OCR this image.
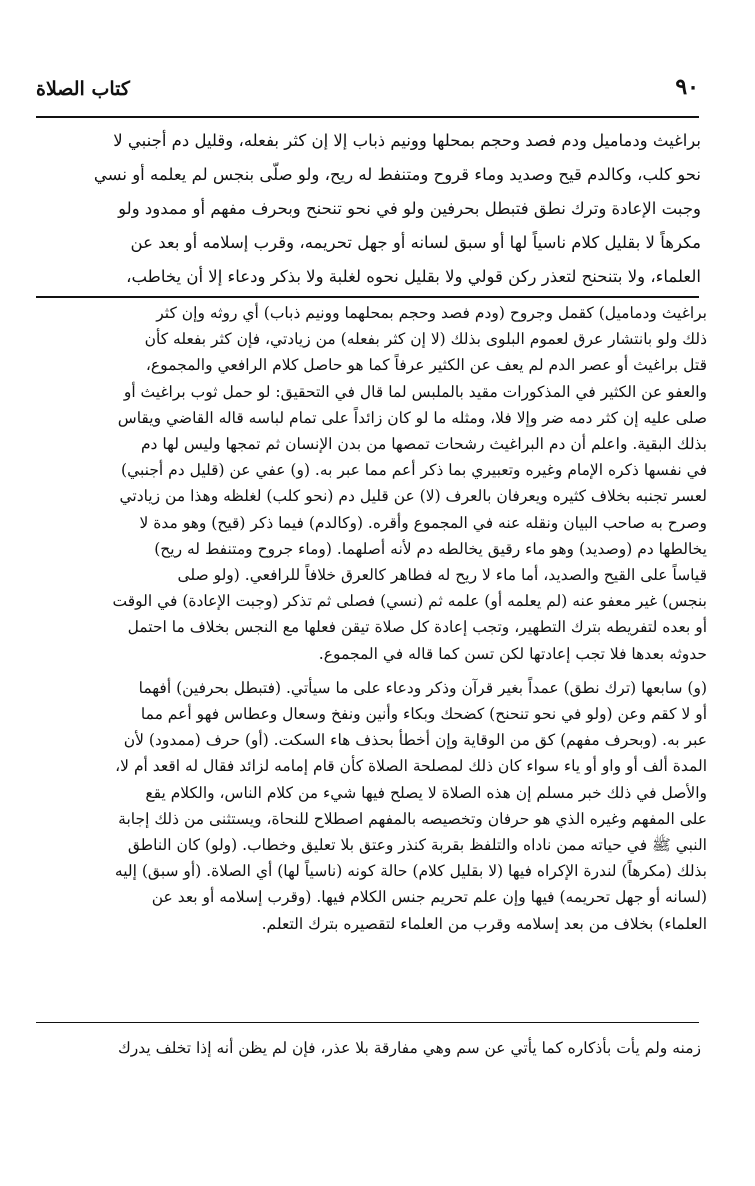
٩٠
كتاب الصلاة
براغيث ودماميل ودم فصد وحجم بمحلها وونيم ذباب إلا إن كثر بفعله، وقليل دم أجنبي لا
نحو كلب، وكالدم قيح وصديد وماء قروح ومتنفط له ريح، ولو صلّى بنجس لم يعلمه أو نسي
وجبت الإعادة وترك نطق فتبطل بحرفين ولو في نحو تنحنح وبحرف مفهم أو ممدود ولو
مكرهاً لا بقليل كلام ناسياً لها أو سبق لسانه أو جهل تحريمه، وقرب إسلامه أو بعد عن
العلماء، ولا بتنحنح لتعذر ركن قولي ولا بقليل نحوه لغلبة ولا بذكر ودعاء إلا أن يخاطب،
براغيث ودماميل) كقمل وجروح (ودم فصد وحجم بمحلهما وونيم ذباب) أي روثه وإن كثر
ذلك ولو بانتشار عرق لعموم البلوى بذلك (لا إن كثر بفعله) من زيادتي، فإن كثر بفعله كأن
قتل براغيث أو عصر الدم لم يعف عن الكثير عرفاً كما هو حاصل كلام الرافعي والمجموع،
والعفو عن الكثير في المذكورات مقيد بالملبس لما قال في التحقيق: لو حمل ثوب براغيث أو
صلى عليه إن كثر دمه ضر وإلا فلا، ومثله ما لو كان زائداً على تمام لباسه قاله القاضي ويقاس
بذلك البقية. واعلم أن دم البراغيث رشحات تمصها من بدن الإنسان ثم تمجها وليس لها دم
في نفسها ذكره الإمام وغيره وتعبيري بما ذكر أعم مما عبر به. (و) عفي عن (قليل دم أجنبي)
لعسر تجنبه بخلاف كثيره ويعرفان بالعرف (لا) عن قليل دم (نحو كلب) لغلظه وهذا من زيادتي
وصرح به صاحب البيان ونقله عنه في المجموع وأقره. (وكالدم) فيما ذكر (قيح) وهو مدة لا
يخالطها دم (وصديد) وهو ماء رقيق يخالطه دم لأنه أصلهما. (وماء جروح ومتنفط له ريح)
قياساً على القيح والصديد، أما ماء لا ريح له فطاهر كالعرق خلافاً للرافعي. (ولو صلى
بنجس) غير معفو عنه (لم يعلمه أو) علمه ثم (نسي) فصلى ثم تذكر (وجبت الإعادة) في الوقت
أو بعده لتفريطه بترك التطهير، وتجب إعادة كل صلاة تيقن فعلها مع النجس بخلاف ما احتمل
حدوثه بعدها فلا تجب إعادتها لكن تسن كما قاله في المجموع.
(و) سابعها (ترك نطق) عمداً بغير قرآن وذكر ودعاء على ما سيأتي. (فتبطل بحرفين) أفهما
أو لا كقم وعن (ولو في نحو تنحنح) كضحك وبكاء وأنين ونفخ وسعال وعطاس فهو أعم مما
عبر به. (وبحرف مفهم) كق من الوقاية وإن أخطأ بحذف هاء السكت. (أو) حرف (ممدود) لأن
المدة ألف أو واو أو ياء سواء كان ذلك لمصلحة الصلاة كأن قام إمامه لزائد فقال له اقعد أم لا،
والأصل في ذلك خبر مسلم إن هذه الصلاة لا يصلح فيها شيء من كلام الناس، والكلام يقع
على المفهم وغيره الذي هو حرفان وتخصيصه بالمفهم اصطلاح للنحاة، ويستثنى من ذلك إجابة
النبي ﷺ في حياته ممن ناداه والتلفظ بقربة كنذر وعتق بلا تعليق وخطاب. (ولو) كان الناطق
بذلك (مكرهاً) لندرة الإكراه فيها (لا بقليل كلام) حالة كونه (ناسياً لها) أي الصلاة. (أو سبق) إليه
(لسانه أو جهل تحريمه) فيها وإن علم تحريم جنس الكلام فيها. (وقرب إسلامه أو بعد عن
العلماء) بخلاف من بعد إسلامه وقرب من العلماء لتقصيره بترك التعلم.
زمنه ولم يأت بأذكاره كما يأتي عن سم وهي مفارقة بلا عذر، فإن لم يظن أنه إذا تخلف يدرك
